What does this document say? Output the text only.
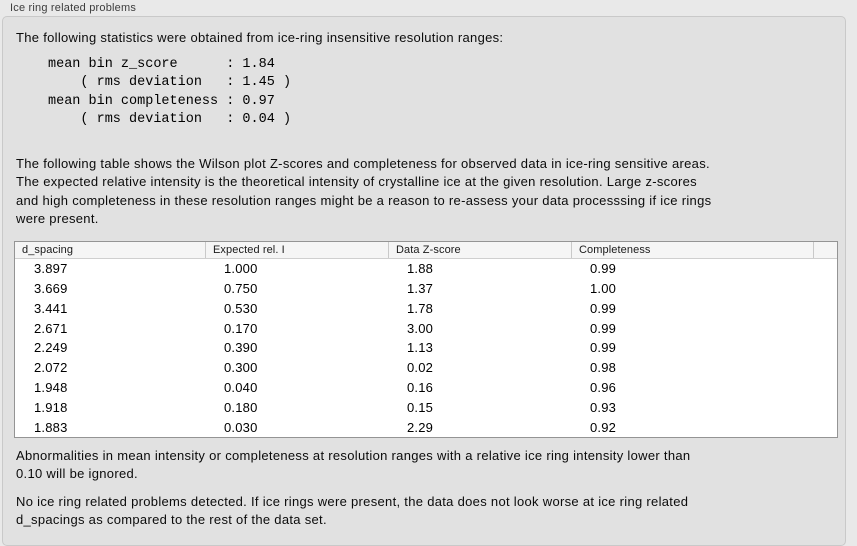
Ice ring related problems
The following statistics were obtained from ice-ring insensitive resolution ranges:
mean bin z_score      : 1.84
( rms deviation   : 1.45 )
mean bin completeness : 0.97
( rms deviation   : 0.04 )
The following table shows the Wilson plot Z-scores and completeness for observed data in ice-ring sensitive areas.
The expected relative intensity is the theoretical intensity of crystalline ice at the given resolution. Large z-scores
and high completeness in these resolution ranges might be a reason to re-assess your data processsing if ice rings
were present.
d_spacing	Expected rel. I	Data Z-score	Completeness
3.897	1.000	1.88	0.99
3.669	0.750	1.37	1.00
3.441	0.530	1.78	0.99
2.671	0.170	3.00	0.99
2.249	0.390	1.13	0.99
2.072	0.300	0.02	0.98
1.948	0.040	0.16	0.96
1.918	0.180	0.15	0.93
1.883	0.030	2.29	0.92
Abnormalities in mean intensity or completeness at resolution ranges with a relative ice ring intensity lower than
0.10 will be ignored.
No ice ring related problems detected. If ice rings were present, the data does not look worse at ice ring related
d_spacings as compared to the rest of the data set.
